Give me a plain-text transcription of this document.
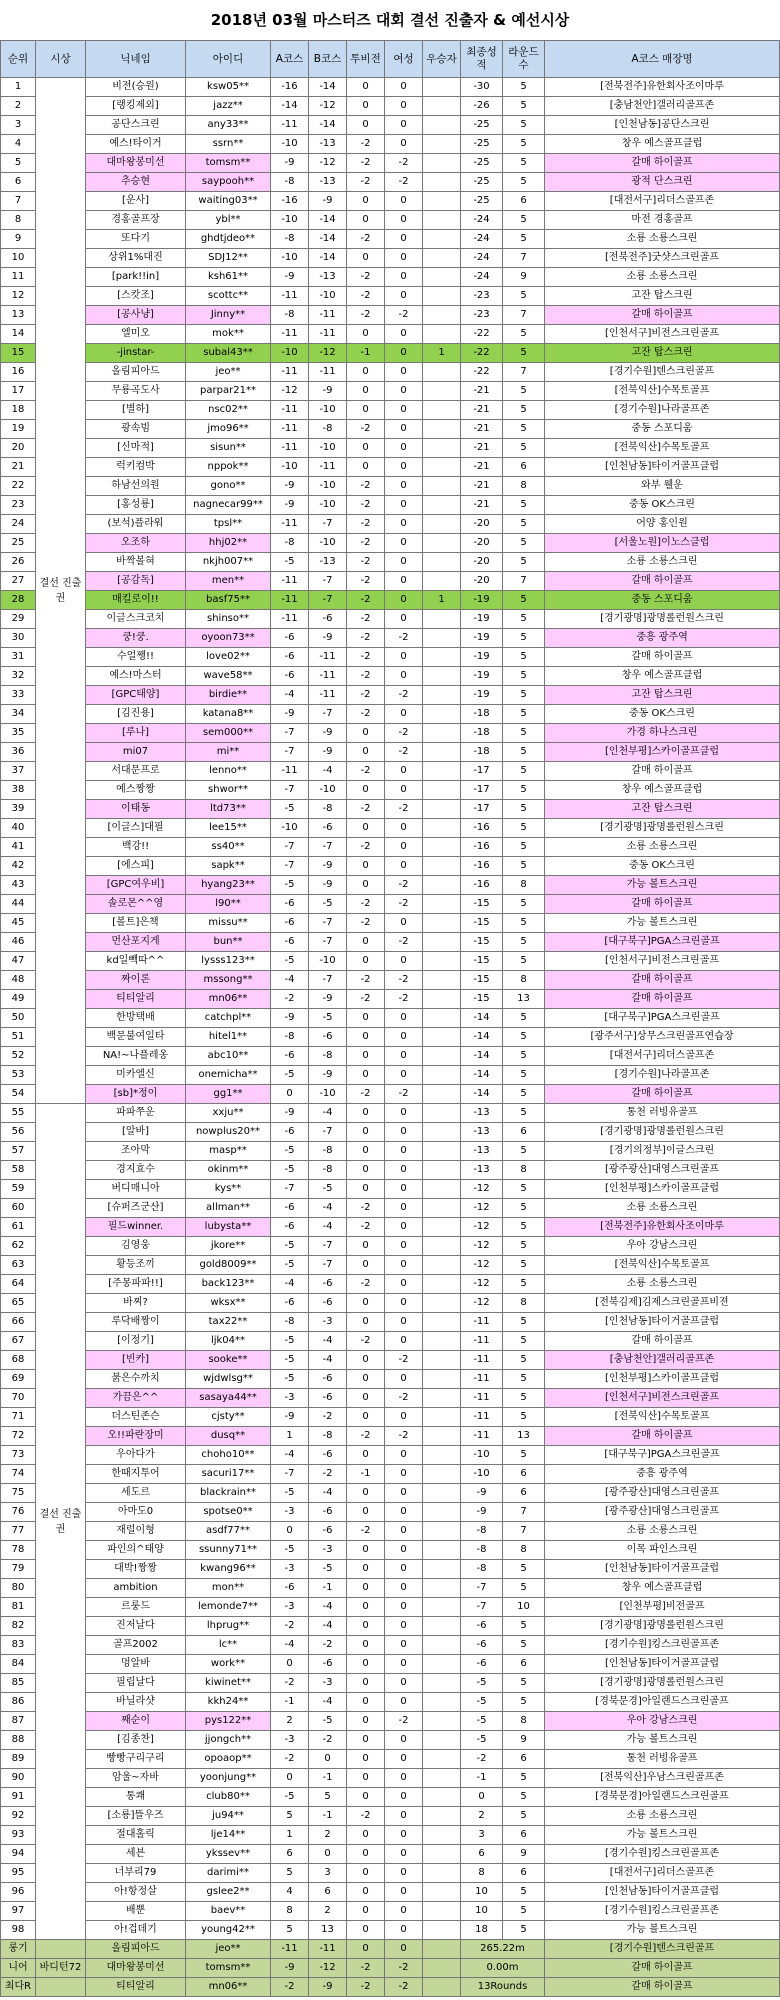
2018년 03월 마스터즈 대회 결선 진출자 & 예선시상
순위	시상	닉네임	아이디	A코스	B코스	투비전	여성	우승자	최종성적	라운드수	A코스 매장명
1	결선 진출권	비전(승원)	ksw05**	-16	-14	0	0		-30	5	[전북전주]유한회사조이마루
2		[랭킹제외]	jazz**	-14	-12	0	0		-26	5	[충남천안]갤러리골프존
3		공단스크린	any33**	-11	-14	0	0		-25	5	[인천남동]공단스크린
4		예스!타이거	ssrn**	-10	-13	-2	0		-25	5	창우 예스골프클럽
5		대마왕봉미선	tomsm**	-9	-12	-2	-2		-25	5	갈매 하이골프
6		추승현	saypooh**	-8	-13	-2	-2		-25	5	광적 단스크린
7		[운사]	waiting03**	-16	-9	0	0		-25	6	[대전서구]리더스골프존
8		경홍골프장	ybl**	-10	-14	0	0		-24	5	마전 경홍골프
9		또다기	ghdtjdeo**	-8	-14	-2	0		-24	5	소룡 소룡스크린
10		상위1%대진	SDJ12**	-10	-14	0	0		-24	7	[전북전주]굿샷스크린골프
11		[park!!in]	ksh61**	-9	-13	-2	0		-24	9	소룡 소룡스크린
12		[스캇조]	scottc**	-11	-10	-2	0		-23	5	고잔 탑스크린
13		[공사냥]	Jinny**	-8	-11	-2	-2		-23	7	갈매 하이골프
14		엘미오	mok**	-11	-11	0	0		-22	5	[인천서구]비전스크린골프
15		-jinstar-	subal43**	-10	-12	-1	0	1	-22	5	고잔 탑스크린
16		올림피아드	jeo**	-11	-11	0	0		-22	7	[경기수원]텐스크린골프
17		무룡곡도사	parpar21**	-12	-9	0	0		-21	5	[전북익산]수목토골프
18		[별하]	nsc02**	-11	-10	0	0		-21	5	[경기수원]나라골프존
19		광속빔	jmo96**	-11	-8	-2	0		-21	5	중동 스포디움
20		[신마적]	sisun**	-11	-10	0	0		-21	5	[전북익산]수목토골프
21		럭키컴박	nppok**	-10	-11	0	0		-21	6	[인천남동]타이거골프클럽
22		하남선의원	gono**	-9	-10	-2	0		-21	8	와부 웰운
23		[홍성룡]	nagnecar99**	-9	-10	-2	0		-21	5	중동 OK스크린
24		(보석)플라워	tpsl**	-11	-7	-2	0		-20	5	어양 홍인원
25		오조하	hhj02**	-8	-10	-2	0		-20	5	[서울노원]이노스클럽
26		바짝볼혀	nkjh007**	-5	-13	-2	0		-20	5	소룡 소룡스크린
27		[공감독]	men**	-11	-7	-2	0		-20	7	갈매 하이골프
28		매킬로이!!	basf75**	-11	-7	-2	0	1	-19	5	중동 스포디움
29		이글스크코치	shinso**	-11	-6	-2	0		-19	5	[경기광명]광명롤런원스크린
30		쿵!쿵.	oyoon73**	-6	-9	-2	-2		-19	5	중흥 광주역
31		수얼쨍!!	love02**	-6	-11	-2	0		-19	5	갈매 하이골프
32		예스!마스터	wave58**	-6	-11	-2	0		-19	5	창우 예스골프클럽
33		[GPC태양]	birdie**	-4	-11	-2	-2		-19	5	고잔 탑스크린
34		[김진용]	katana8**	-9	-7	-2	0		-18	5	중동 OK스크린
35		[루나]	sem000**	-7	-9	0	-2		-18	5	가경 하나스크린
36		mi07	mi**	-7	-9	0	-2		-18	5	[인천부평]스카이골프클럽
37		서대문프로	lenno**	-11	-4	-2	0		-17	5	갈매 하이골프
38		예스짱짱	shwor**	-7	-10	0	0		-17	5	창우 예스골프클럽
39		이태동	ltd73**	-5	-8	-2	-2		-17	5	고잔 탑스크린
40		[이글스]대필	lee15**	-10	-6	0	0		-16	5	[경기광명]광명롤런원스크린
41		백강!!	ss40**	-7	-7	-2	0		-16	5	소룡 소룡스크린
42		[에스피]	sapk**	-7	-9	0	0		-16	5	중동 OK스크린
43		[GPC여우비]	hyang23**	-5	-9	0	-2		-16	8	가능 볼트스크린
44		솔로몬^^영	l90**	-6	-5	-2	-2		-15	5	갈매 하이골프
45		[볼트]은책	missu**	-6	-7	-2	0		-15	5	가능 볼트스크린
46		먼산포지게	bun**	-6	-7	0	-2		-15	5	[대구북구]PGA스크린골프
47		kd일빽따^^	lysss123**	-5	-10	0	0		-15	5	[인천서구]비전스크린골프
48		짜이론	mssong**	-4	-7	-2	-2		-15	8	갈매 하이골프
49		티티알리	mn06**	-2	-9	-2	-2		-15	13	갈매 하이골프
50		한방택배	catchpl**	-9	-5	0	0		-14	5	[대구북구]PGA스크린골프
51		백문불여일타	hitel1**	-8	-6	0	0		-14	5	[광주서구]상무스크린골프연습장
52		NA!~나플레옹	abc10**	-6	-8	0	0		-14	5	[대전서구]리더스골프존
53		미카엘신	onemicha**	-5	-9	0	0		-14	5	[경기수원]나라골프존
54		[sb]*정이	gg1**	0	-10	-2	-2		-14	5	갈매 하이골프
55	결선 진출권	파파쭈운	xxju**	-9	-4	0	0		-13	5	통천 러빙유골프
56		[알바]	nowplus20**	-6	-7	0	0		-13	6	[경기광명]광명롤런원스크린
57		조아막	masp**	-5	-8	0	0		-13	5	[경기의정부]이글스크린
58		경지효수	okinm**	-5	-8	0	0		-13	8	[광주광산]대영스크린골프
59		버디매니아	kys**	-7	-5	0	0		-12	5	[인천부평]스카이골프클럽
60		[슈퍼즈군산]	allman**	-6	-4	-2	0		-12	5	소룡 소룡스크린
61		필드winner.	lubysta**	-6	-4	-2	0		-12	5	[전북전주]유한회사조이마루
62		김영웅	jkore**	-5	-7	0	0		-12	5	우아 강남스크린
63		황등조끼	gold8009**	-5	-7	0	0		-12	5	[전북익산]수목토골프
64		[주몽파파!!]	back123**	-4	-6	-2	0		-12	5	소룡 소룡스크린
65		바찌?	wksx**	-6	-6	0	0		-12	8	[전북김제]김제스크린골프비젼
66		루닥배짱이	tax22**	-8	-3	0	0		-11	5	[인천남동]타이거골프클럽
67		[이정기]	ljk04**	-5	-4	-2	0		-11	5	갈매 하이골프
68		[빈카]	sooke**	-5	-4	0	-2		-11	5	[충남천안]갤러리골프존
69		붉은수까치	wjdwlsg**	-5	-6	0	0		-11	5	[인천부평]스카이골프클럽
70		가끔은^^	sasaya44**	-3	-6	0	-2		-11	5	[인천서구]비전스크린골프
71		더스틴존슨	cjsty**	-9	-2	0	0		-11	5	[전북익산]수목토골프
72		오!!파란장미	dusq**	1	-8	-2	-2		-11	13	갈매 하이골프
73		우아다가	choho10**	-4	-6	0	0		-10	5	[대구북구]PGA스크린골프
74		한때지투어	sacuri17**	-7	-2	-1	0		-10	6	중흥 광주역
75		세도르	blackrain**	-5	-4	0	0		-9	6	[광주광산]대영스크린골프
76		아마도0	spotse0**	-3	-6	0	0		-9	7	[광주광산]대영스크린골프
77		재럴이형	asdf77**	0	-6	-2	0		-8	7	소룡 소룡스크린
78		파인의^태양	ssunny71**	-5	-3	0	0		-8	8	이목 파인스크린
79		대박!짱짱	kwang96**	-3	-5	0	0		-8	5	[인천남동]타이거골프클럽
80		ambition	mon**	-6	-1	0	0		-7	5	창우 예스골프클럽
81		르룽드	lemonde7**	-3	-4	0	0		-7	10	[인천부평]비전골프
82		진저날다	lhprug**	-2	-4	0	0		-6	5	[경기광명]광명롤런원스크린
83		골프2002	lc**	-4	-2	0	0		-6	5	[경기수원]킹스크린골프존
84		멍알바	work**	0	-6	0	0		-6	6	[인천남동]타이거골프클럽
85		필립날다	kiwinet**	-2	-3	0	0		-5	5	[경기광명]광명롤런원스크린
86		바닐라샷	kkh24**	-1	-4	0	0		-5	5	[경북문경]아일랜드스크린골프
87		째순이	pys122**	2	-5	0	-2		-5	8	우아 강남스크린
88		[김종찬]	jjongch**	-3	-2	0	0		-5	9	가능 볼트스크린
89		빵빵구리구리	opoaop**	-2	0	0	0		-2	6	통천 러빙유골프
90		암울~자바	yoonjung**	0	-1	0	0		-1	5	[전북익산]우남스크린골프존
91		통쾌	club80**	-5	5	0	0		0	5	[경북문경]아일랜드스크린골프
92		[소룡]뜰우즈	ju94**	5	-1	-2	0		2	5	소룡 소룡스크린
93		절대홀릭	lje14**	1	2	0	0		3	6	가능 볼트스크린
94		세븐	ykssev**	6	0	0	0		6	9	[경기수원]킹스크린골프존
95		너부리79	darimi**	5	3	0	0		8	6	[대전서구]리더스골프존
96		아!항정살	gslee2**	4	6	0	0		10	5	[인천남동]타이거골프클럽
97		배뿐	baev**	8	2	0	0		10	5	[경기수원]킹스크린골프존
98		아!겁데기	young42**	5	13	0	0		18	5	가능 볼트스크린
롱기		올림피아드	jeo**	-11	-11	0	0		265.22m		[경기수원]텐스크린골프
니어	바디턴72	대마왕봉미선	tomsm**	-9	-12	-2	-2		0.00m		갈매 하이골프
최다R		티티알리	mn06**	-2	-9	-2	-2		13Rounds		갈매 하이골프
